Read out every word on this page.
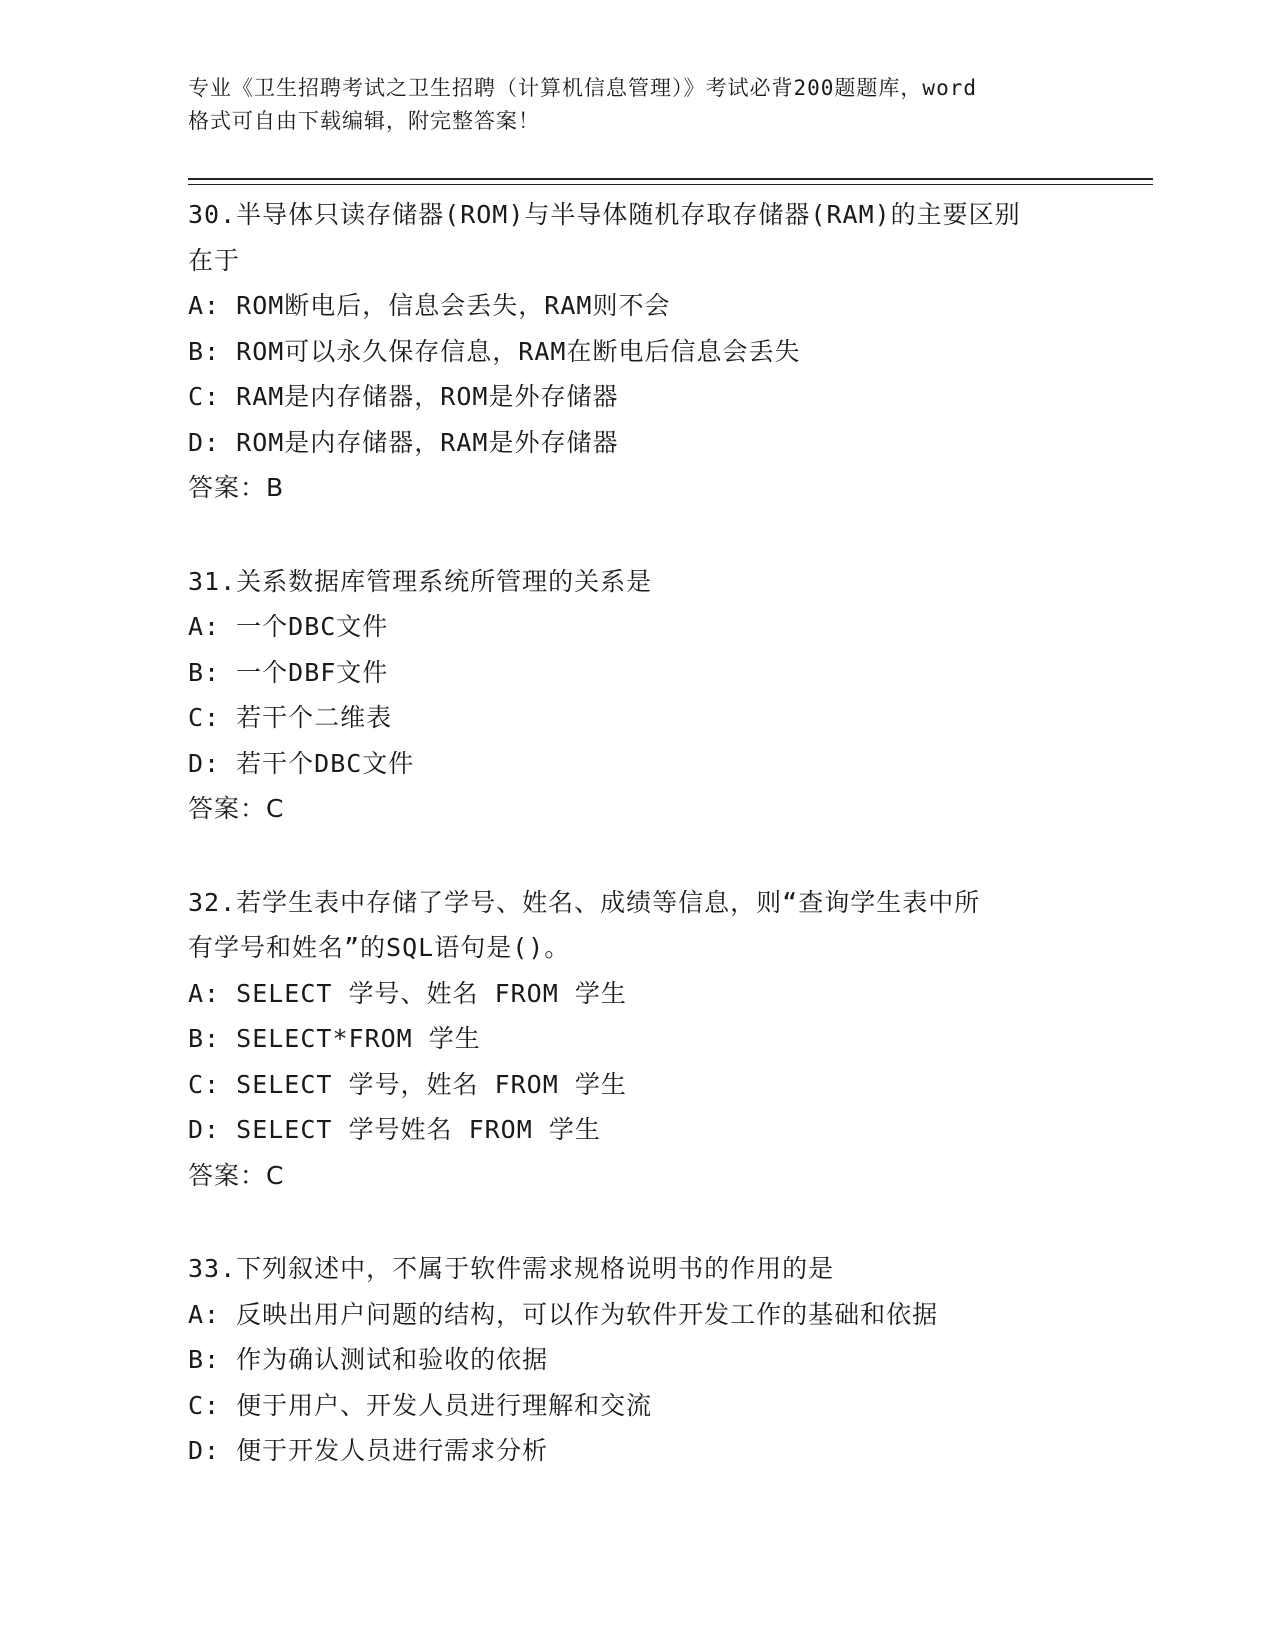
专业《卫生招聘考试之卫生招聘（计算机信息管理）》考试必背200题题库，word

格式可自由下载编辑，附完整答案！

30.半导体只读存储器(ROM)与半导体随机存取存储器(RAM)的主要区别

在于

A: ROM断电后，信息会丢失，RAM则不会

B: ROM可以永久保存信息，RAM在断电后信息会丢失

C: RAM是内存储器，ROM是外存储器

D: ROM是内存储器，RAM是外存储器

答案：B

31.关系数据库管理系统所管理的关系是

A: 一个DBC文件

B: 一个DBF文件

C: 若干个二维表

D: 若干个DBC文件

答案：C

32.若学生表中存储了学号、姓名、成绩等信息，则“查询学生表中所

有学号和姓名”的SQL语句是()。

A: SELECT 学号、姓名 FROM 学生

B: SELECT*FROM 学生

C: SELECT 学号，姓名 FROM 学生

D: SELECT 学号姓名 FROM 学生

答案：C

33.下列叙述中，不属于软件需求规格说明书的作用的是

A: 反映出用户问题的结构，可以作为软件开发工作的基础和依据

B: 作为确认测试和验收的依据

C: 便于用户、开发人员进行理解和交流

D: 便于开发人员进行需求分析
